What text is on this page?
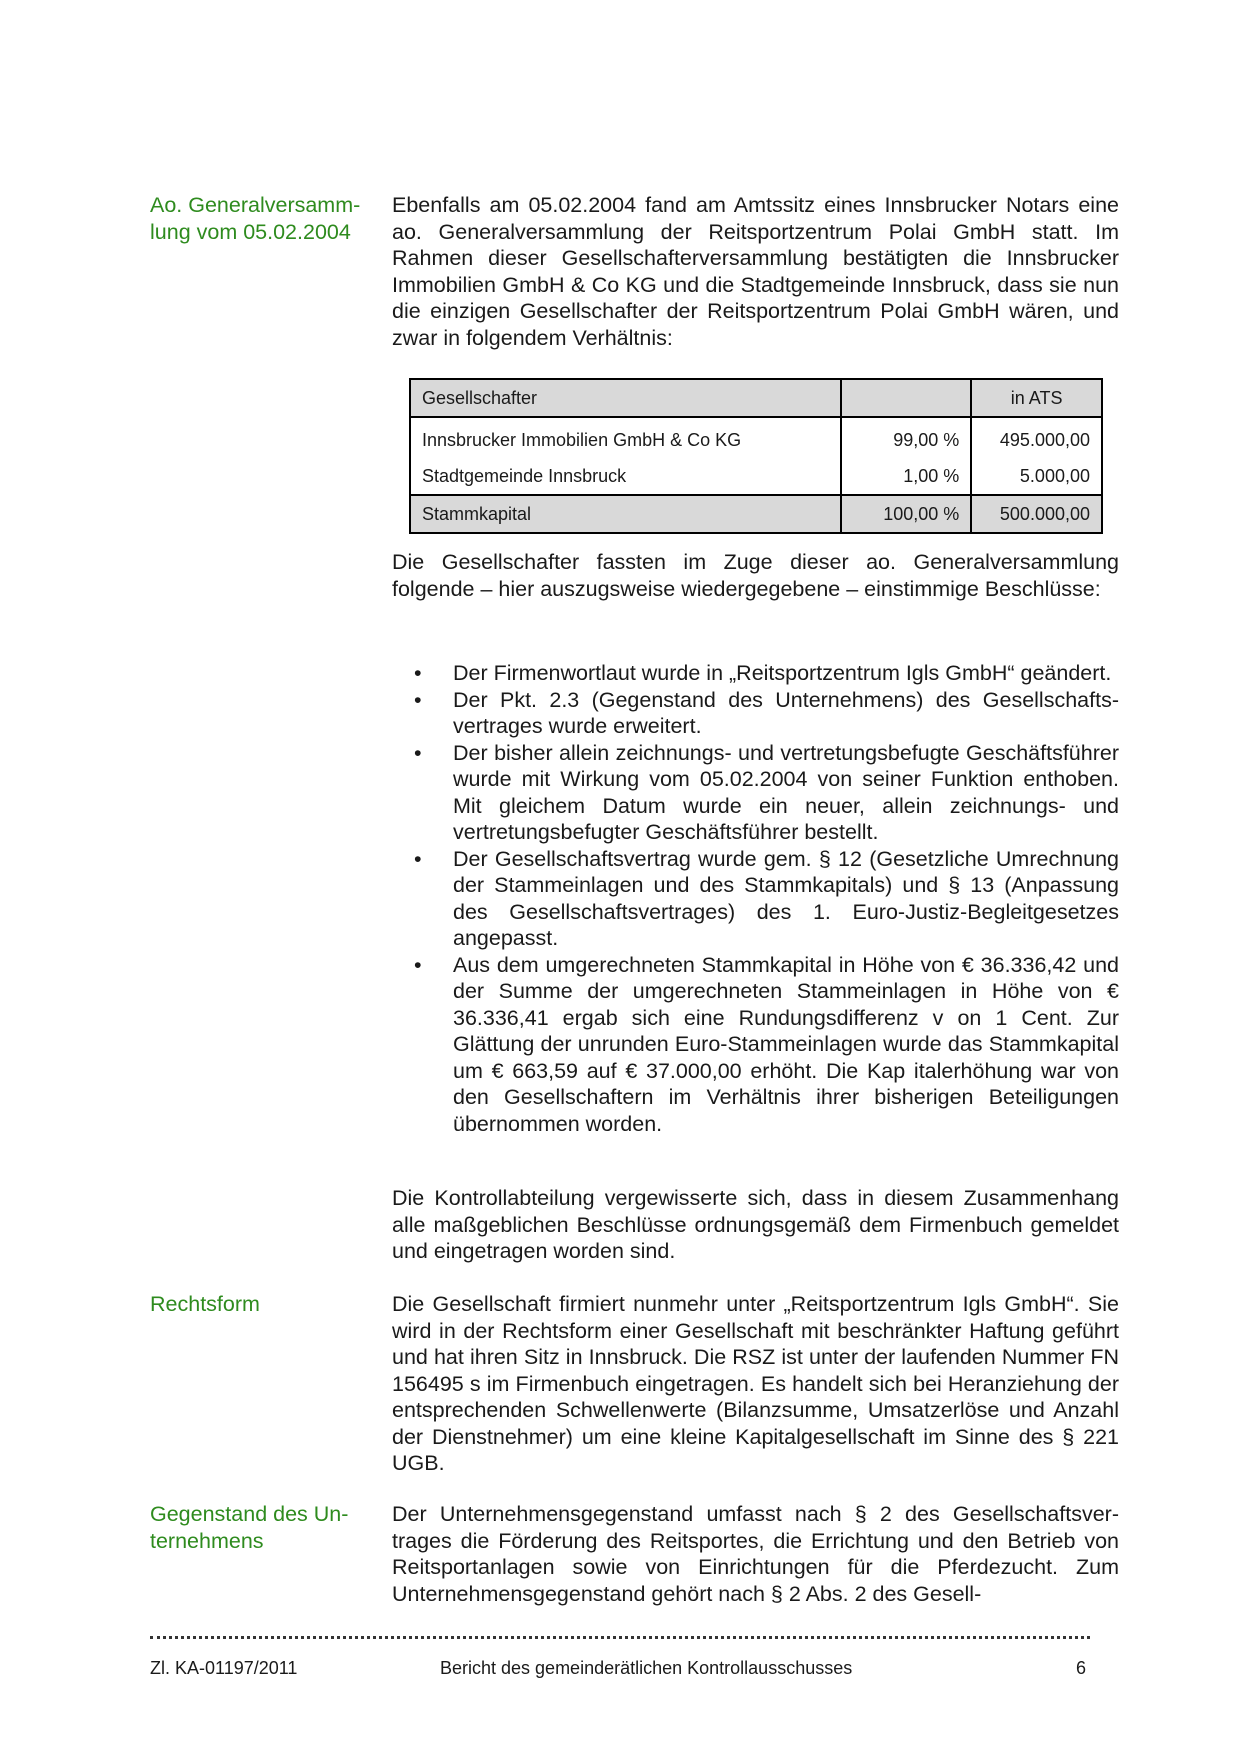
Ao. Generalversamm-
lung vom 05.02.2004

Ebenfalls am 05.02.2004 fand am Amtssitz eines Innsbrucker Notars eine ao. Generalversammlung der Reitsportzentrum Polai GmbH statt. Im Rahmen dieser Gesellschafterversammlung bestätigten die Innsbrucker Immobilien GmbH & Co KG und die Stadtgemeinde Innsbruck, dass sie nun die einzigen Gesellschafter der Reitsportzentrum Polai GmbH wären, und zwar in folgendem Verhältnis:

Gesellschafter		in ATS
Innsbrucker Immobilien GmbH & Co KG	99,00 %	495.000,00
Stadtgemeinde Innsbruck	1,00 %	5.000,00
Stammkapital	100,00 %	500.000,00

Die Gesellschafter fassten im Zuge dieser ao. Generalversammlung folgende – hier auszugsweise wiedergegebene – einstimmige Beschlüsse:

• Der Firmenwortlaut wurde in „Reitsportzentrum Igls GmbH“ geändert.
• Der Pkt. 2.3 (Gegenstand des Unternehmens) des Gesellschaftsvertrages wurde erweitert.
• Der bisher allein zeichnungs- und vertretungsbefugte Geschäftsführer wurde mit Wirkung vom 05.02.2004 von seiner Funktion enthoben. Mit gleichem Datum wurde ein neuer, allein zeichnungs- und vertretungsbefugter Geschäftsführer bestellt.
• Der Gesellschaftsvertrag wurde gem. § 12 (Gesetzliche Umrechnung der Stammeinlagen und des Stammkapitals) und § 13 (Anpassung des Gesellschaftsvertrages) des 1. Euro-Justiz-Begleitgesetzes angepasst.
• Aus dem umgerechneten Stammkapital in Höhe von € 36.336,42 und der Summe der umgerechneten Stammeinlagen in Höhe von € 36.336,41 ergab sich eine Rundungsdifferenz v on 1 Cent. Zur Glättung der unrunden Euro-Stammeinlagen wurde das Stammkapital um € 663,59 auf € 37.000,00 erhöht. Die Kap italerhöhung war von den Gesellschaftern im Verhältnis ihrer bisherigen Beteiligungen übernommen worden.

Die Kontrollabteilung vergewisserte sich, dass in diesem Zusammenhang alle maßgeblichen Beschlüsse ordnungsgemäß dem Firmenbuch gemeldet und eingetragen worden sind.

Rechtsform	Die Gesellschaft firmiert nunmehr unter „Reitsportzentrum Igls GmbH“. Sie wird in der Rechtsform einer Gesellschaft mit beschränkter Haftung geführt und hat ihren Sitz in Innsbruck. Die RSZ ist unter der laufenden Nummer FN 156495 s im Firmenbuch eingetragen. Es handelt sich bei Heranziehung der entsprechenden Schwellenwerte (Bilanzsumme, Umsatzerlöse und Anzahl der Dienstnehmer) um eine kleine Kapitalgesellschaft im Sinne des § 221 UGB.

Gegenstand des Un-
ternehmens

Der Unternehmensgegenstand umfasst nach § 2 des Gesellschaftsvertrages die Förderung des Reitsportes, die Errichtung und den Betrieb von Reitsportanlagen sowie von Einrichtungen für die Pferdezucht. Zum Unternehmensgegenstand gehört nach § 2 Abs. 2 des Gesell-

Zl. KA-01197/2011	Bericht des gemeinderätlichen Kontrollausschusses	6
